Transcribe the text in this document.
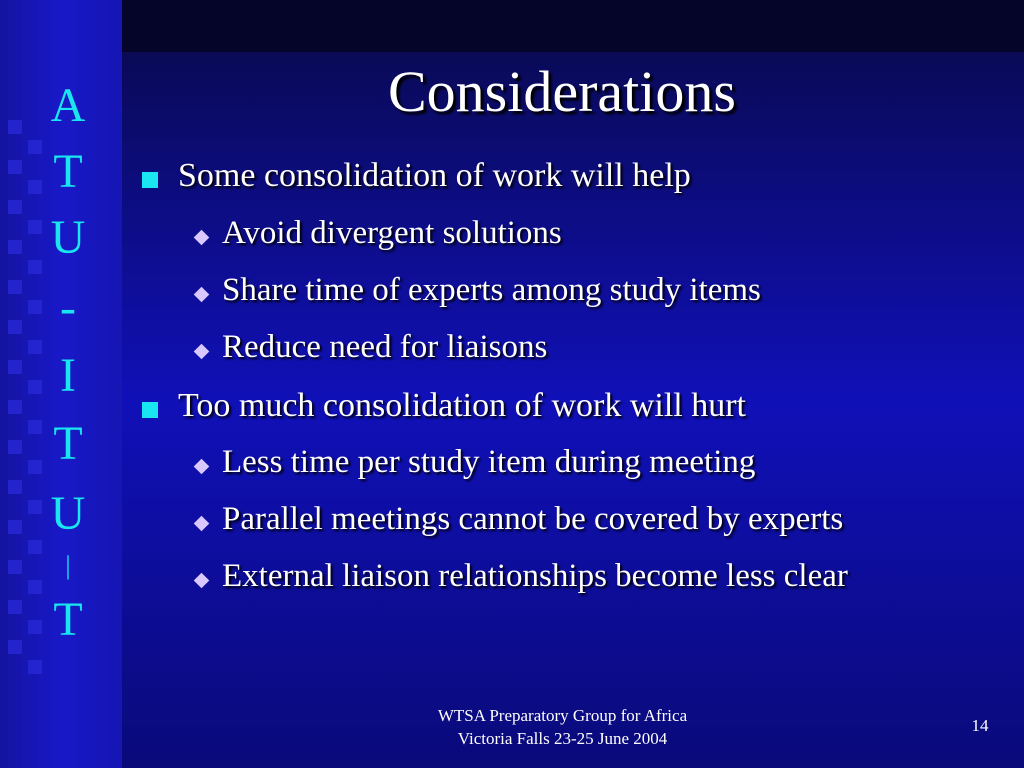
A
T
U
-
I
T
U
|
T
Considerations
Some consolidation of work will help
Avoid divergent solutions
Share time of experts among study items
Reduce need for liaisons
Too much consolidation of work will hurt
Less time per study item during meeting
Parallel meetings cannot be covered by experts
External liaison relationships become less clear
WTSA Preparatory Group for Africa
Victoria Falls 23-25 June 2004
14
